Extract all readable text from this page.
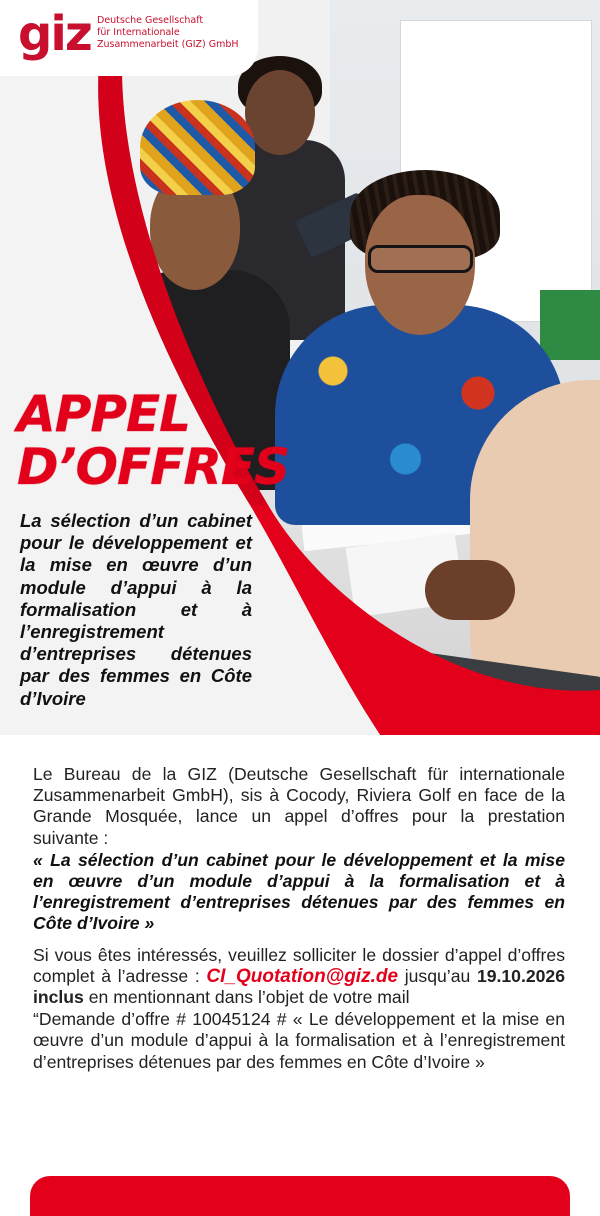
giz Deutsche Gesellschaft
für Internationale
Zusammenarbeit (GIZ) GmbH
APPEL
D’OFFRES
La sélection d’un cabinet pour le développement et la mise en œuvre d’un module d’appui à la formalisation et à l’enregistrement d’entreprises détenues par des femmes en Côte d’Ivoire

Le Bureau de la GIZ (Deutsche Gesellschaft für internationale Zusammenarbeit GmbH), sis à Cocody, Riviera Golf en face de la Grande Mosquée, lance un appel d’offres pour la prestation suivante :

« La sélection d’un cabinet pour le développement et la mise en œuvre d’un module d’appui à la formalisation et à l’enregistrement d’entreprises détenues par des femmes en Côte d’Ivoire »

Si vous êtes intéressés, veuillez solliciter le dossier d’appel d’offres complet à l’adresse : CI_Quotation@giz.de jusqu’au 19.10.2026 inclus en mentionnant dans l’objet de votre mail

“Demande d’offre # 10045124 # « Le développement et la mise en œuvre d’un module d’appui à la formalisation et à l’enregistrement d’entreprises détenues par des femmes en Côte d’Ivoire »
